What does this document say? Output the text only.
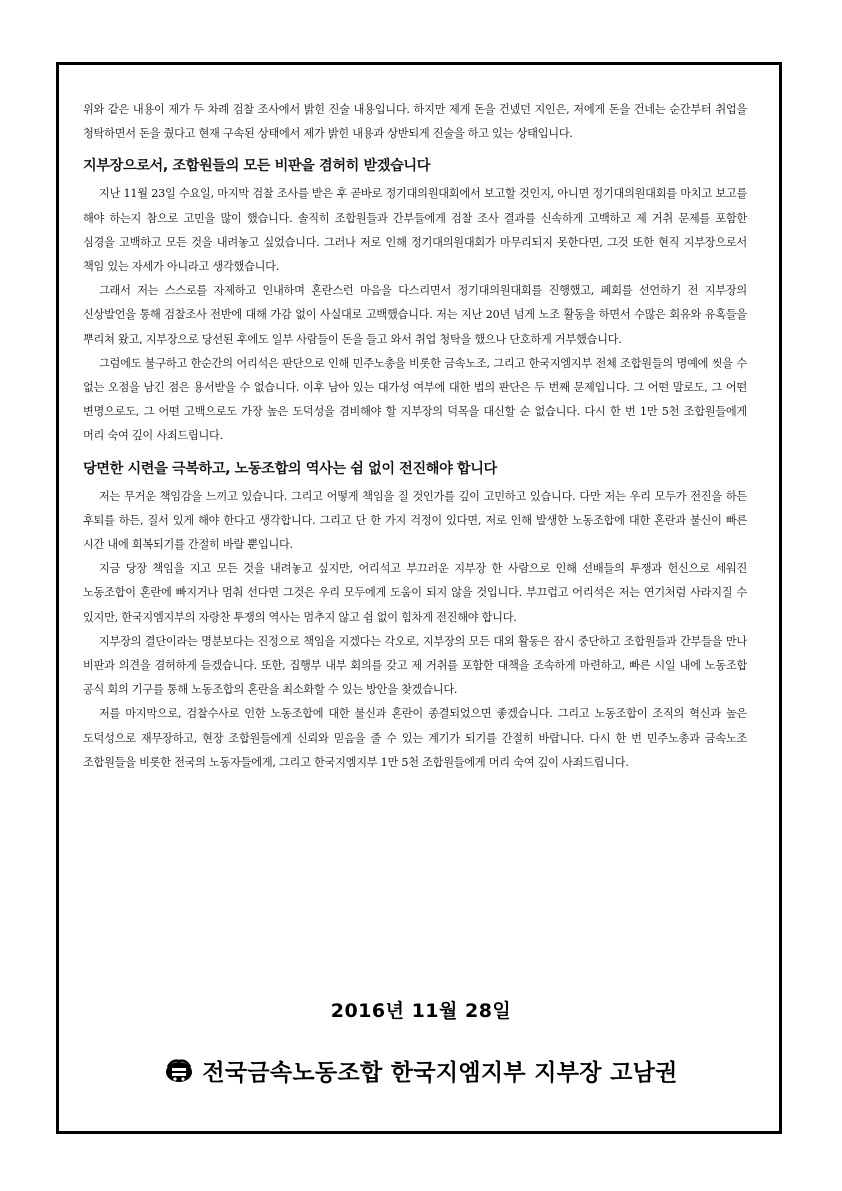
위와 같은 내용이 제가 두 차례 검찰 조사에서 밝힌 진술 내용입니다. 하지만 제게 돈을 건넸던 지인은, 저에게 돈을 건네는 순간부터 취업을 청탁하면서 돈을 줬다고 현재 구속된 상태에서 제가 밝힌 내용과 상반되게 진술을 하고 있는 상태입니다.

지부장으로서, 조합원들의 모든 비판을 겸허히 받겠습니다

지난 11월 23일 수요일, 마지막 검찰 조사를 받은 후 곧바로 정기대의원대회에서 보고할 것인지, 아니면 정기대의원대회를 마치고 보고를 해야 하는지 참으로 고민을 많이 했습니다. 솔직히 조합원들과 간부들에게 검찰 조사 결과를 신속하게 고백하고 제 거취 문제를 포함한 심경을 고백하고 모든 것을 내려놓고 싶었습니다. 그러나 저로 인해 정기대의원대회가 마무리되지 못한다면, 그것 또한 현직 지부장으로서 책임 있는 자세가 아니라고 생각했습니다.

그래서 저는 스스로를 자제하고 인내하며 혼란스런 마음을 다스리면서 정기대의원대회를 진행했고, 폐회를 선언하기 전 지부장의 신상발언을 통해 검찰조사 전반에 대해 가감 없이 사실대로 고백했습니다. 저는 지난 20년 넘게 노조 활동을 하면서 수많은 회유와 유혹들을 뿌리쳐 왔고, 지부장으로 당선된 후에도 일부 사람들이 돈을 들고 와서 취업 청탁을 했으나 단호하게 거부했습니다.

그럼에도 불구하고 한순간의 어리석은 판단으로 인해 민주노총을 비롯한 금속노조, 그리고 한국지엠지부 전체 조합원들의 명예에 씻을 수 없는 오점을 남긴 점은 용서받을 수 없습니다. 이후 남아 있는 대가성 여부에 대한 법의 판단은 두 번째 문제입니다. 그 어떤 말로도, 그 어떤 변명으로도, 그 어떤 고백으로도 가장 높은 도덕성을 겸비해야 할 지부장의 덕목을 대신할 순 없습니다. 다시 한 번 1만 5천 조합원들에게 머리 숙여 깊이 사죄드립니다.

당면한 시련을 극복하고, 노동조합의 역사는 쉼 없이 전진해야 합니다

저는 무거운 책임감을 느끼고 있습니다. 그리고 어떻게 책임을 질 것인가를 깊이 고민하고 있습니다. 다만 저는 우리 모두가 전진을 하든 후퇴를 하든, 질서 있게 해야 한다고 생각합니다. 그리고 단 한 가지 걱정이 있다면, 저로 인해 발생한 노동조합에 대한 혼란과 불신이 빠른 시간 내에 회복되기를 간절히 바랄 뿐입니다.

지금 당장 책임을 지고 모든 것을 내려놓고 싶지만, 어리석고 부끄러운 지부장 한 사람으로 인해 선배들의 투쟁과 헌신으로 세워진 노동조합이 혼란에 빠지거나 멈춰 선다면 그것은 우리 모두에게 도움이 되지 않을 것입니다. 부끄럽고 어리석은 저는 연기처럼 사라지질 수 있지만, 한국지엠지부의 자랑찬 투쟁의 역사는 멈추지 않고 쉼 없이 힘차게 전진해야 합니다.

지부장의 결단이라는 명분보다는 진정으로 책임을 지겠다는 각오로, 지부장의 모든 대외 활동은 잠시 중단하고 조합원들과 간부들을 만나 비판과 의견을 겸허하게 듣겠습니다. 또한, 집행부 내부 회의를 갖고 제 거취를 포함한 대책을 조속하게 마련하고, 빠른 시일 내에 노동조합 공식 회의 기구를 통해 노동조합의 혼란을 최소화할 수 있는 방안을 찾겠습니다.

저를 마지막으로, 검찰수사로 인한 노동조합에 대한 불신과 혼란이 종결되었으면 좋겠습니다. 그리고 노동조합이 조직의 혁신과 높은 도덕성으로 재무장하고, 현장 조합원들에게 신뢰와 믿음을 줄 수 있는 계기가 되기를 간절히 바랍니다. 다시 한 번 민주노총과 금속노조 조합원들을 비롯한 전국의 노동자들에게, 그리고 한국지엠지부 1만 5천 조합원들에게 머리 숙여 깊이 사죄드립니다.

2016년 11월 28일
전국금속노동조합 한국지엠지부 지부장 고남권
